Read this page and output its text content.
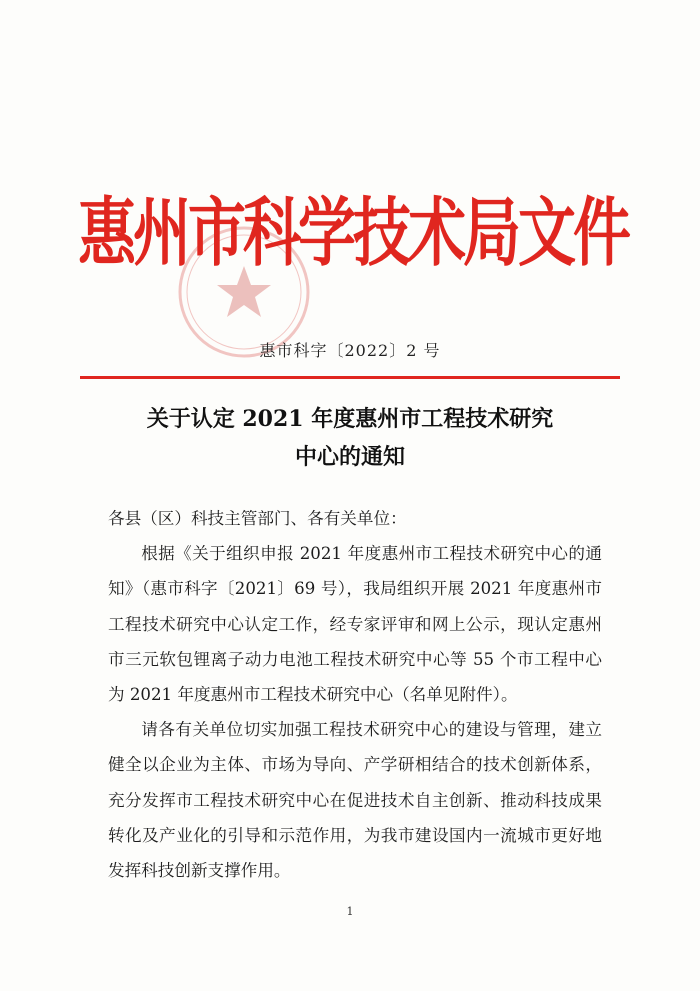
惠州市科学技术局文件
惠市科字〔2022〕2 号
关于认定 2021 年度惠州市工程技术研究
中心的通知

各县（区）科技主管部门、各有关单位：

根据《关于组织申报 2021 年度惠州市工程技术研究中心的通知》（惠市科字〔2021〕69 号），我局组织开展 2021 年度惠州市工程技术研究中心认定工作，经专家评审和网上公示，现认定惠州市三元软包锂离子动力电池工程技术研究中心等 55 个市工程中心为 2021 年度惠州市工程技术研究中心（名单见附件）。

请各有关单位切实加强工程技术研究中心的建设与管理，建立健全以企业为主体、市场为导向、产学研相结合的技术创新体系，充分发挥市工程技术研究中心在促进技术自主创新、推动科技成果转化及产业化的引导和示范作用，为我市建设国内一流城市更好地发挥科技创新支撑作用。

1
